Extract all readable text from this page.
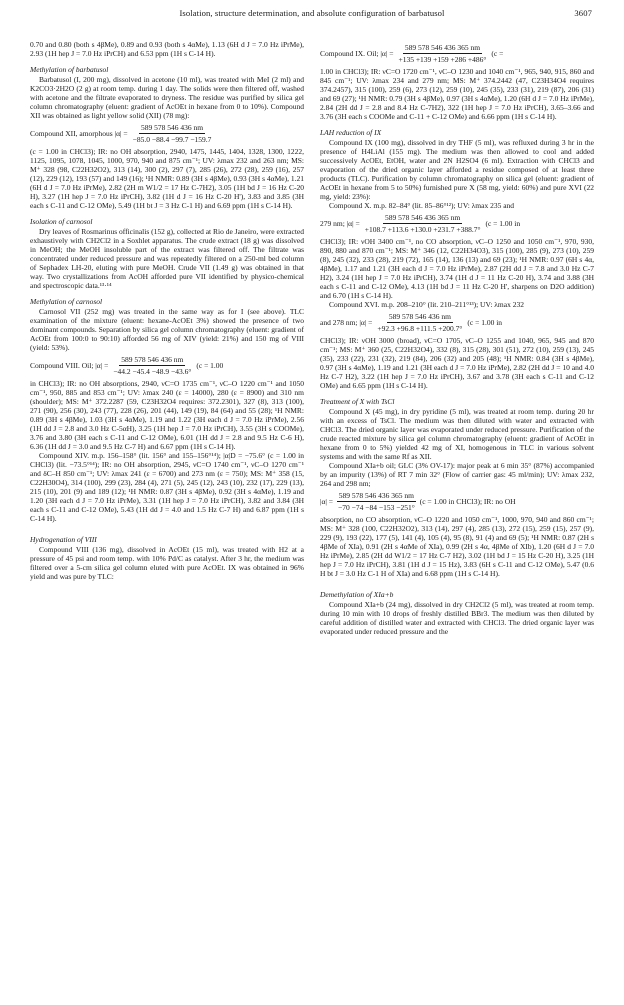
Isolation, structure determination, and absolute configuration of barbatusol	3607

0.70 and 0.80 (both s 4βMe), 0.89 and 0.93 (both s 4αMe), 1.13 (6H d J = 7.0 Hz iPrMe), 2.93 (1H hep J = 7.0 Hz iPrCH) and 6.53 ppm (1H s C-14 H).

Methylation of barbatusol

Barbatusol (I, 200 mg), dissolved in acetone (10 ml), was treated with MeI (2 ml) and K2CO3·2H2O (2 g) at room temp. during 1 day. The solids were then filtered off, washed with acetone and the filtrate evaporated to dryness. The residue was purified by silica gel column chromatography (eluent: gradient of AcOEt in hexane from 0 to 10%). Compound XII was obtained as light yellow solid (XII) (78 mg):

Compound XII, amorphous $|\alpha| = \frac{589 578 546 436 nm}{-85.0 -88.4 -99.7 -159.7}$

(c = 1.00 in CHCl3); IR: no OH absorption, 2940, 1475, 1445, 1404, 1328, 1300, 1222, 1125, 1095, 1078, 1045, 1000, 970, 940 and 875 cm⁻¹; UV: λmax 232 and 263 nm; MS: M⁺ 328 (98, C22H32O2), 313 (14), 300 (2), 297 (7), 285 (26), 272 (28), 259 (16), 257 (12), 229 (12), 193 (57) and 149 (16); ¹H NMR: 0.89 (3H s 4βMe), 0.93 (3H s 4αMe), 1.21 (6H d J = 7.0 Hz iPrMe), 2.82 (2H m W1/2 = 17 Hz C-7H2), 3.05 (1H bd J = 16 Hz C-20 H), 3.27 (1H hep J = 7.0 Hz iPrCH), 3.82 (1H d J = 16 Hz C-20 H'), 3.83 and 3.85 (3H each s C-11 and C-12 OMe), 5.49 (1H bt J = 3 Hz C-1 H) and 6.69 ppm (1H s C-14 H).

Isolation of carnosol

Dry leaves of Rosmarinus officinalis (152 g), collected at Rio de Janeiro, were extracted exhaustively with CH2Cl2 in a Soxhlet apparatus. The crude extract (18 g) was dissolved in MeOH; the MeOH insoluble part of the extract was filtered off. The filtrate was concentrated under reduced pressure and was repeatedly filtered on a 250-ml bed column of Sephadex LH-20, eluting with pure MeOH. Crude VII (1.49 g) was obtained in that way. Two crystallizations from AcOH afforded pure VII identified by physico-chemical and spectroscopic data.¹³·¹⁴

Methylation of carnosol

Carnosol VII (252 mg) was treated in the same way as for I (see above). TLC examination of the mixture (eluent: hexane-AcOEt 3%) showed the presence of two dominant compounds. Separation by silica gel column chromatography (eluent: gradient of AcOEt from 100:0 to 90:10) afforded 56 mg of XIV (yield: 21%) and 150 mg of VIII (yield: 53%).

Compound VIII. Oil; $|\alpha| = \frac{589 578 546 436 nm}{-44.2 -45.4 -48.9 -43.6^\circ} (c = 1.00$

in CHCl3); IR: no OH absorptions, 2940, νC=O 1735 cm⁻¹, νC–O 1220 cm⁻¹ and 1050 cm⁻¹, 950, 885 and 853 cm⁻¹; UV: λmax 240 (ε = 14000), 280 (ε = 8900) and 310 nm (shoulder); MS: M⁺ 372.2287 (59, C23H32O4 requires: 372.2301), 327 (8), 313 (100), 271 (90), 256 (30), 243 (77), 228 (26), 201 (44), 149 (19), 84 (64) and 55 (28); ¹H NMR: 0.89 (3H s 4βMe), 1.03 (3H s 4αMe), 1.19 and 1.22 (3H each d J = 7.0 Hz iPrMe), 2.56 (1H dd J = 2.8 and 3.0 Hz C-5αH), 3.25 (1H hep J = 7.0 Hz iPrCH), 3.55 (3H s COOMe), 3.76 and 3.80 (3H each s C-11 and C-12 OMe), 6.01 (1H dd J = 2.8 and 9.5 Hz C-6 H), 6.36 (1H dd J = 3.0 and 9.5 Hz C-7 H) and 6.67 ppm (1H s C-14 H).

Compound XIV. m.p. 156–158° (lit. 156° and 155–156°¹⁴); |α|D = −75.6° (c = 1.00 in CHCl3) (lit. −73.5°¹⁴); IR: no OH absorption, 2945, νC=O 1740 cm⁻¹, νC–O 1270 cm⁻¹ and δC–H 850 cm⁻¹; UV: λmax 241 (ε = 6700) and 273 nm (ε = 750); MS: M⁺ 358 (15, C22H30O4), 314 (100), 299 (23), 284 (4), 271 (5), 245 (12), 243 (10), 232 (17), 229 (13), 215 (10), 201 (9) and 189 (12); ¹H NMR: 0.87 (3H s 4βMe), 0.92 (3H s 4αMe), 1.19 and 1.20 (3H each d J = 7.0 Hz iPrMe), 3.31 (1H hep J = 7.0 Hz iPrCH), 3.82 and 3.84 (3H each s C-11 and C-12 OMe), 5.43 (1H dd J = 4.0 and 1.5 Hz C-7 H) and 6.87 ppm (1H s C-14 H).

Hydrogenation of VIII

Compound VIII (136 mg), dissolved in AcOEt (15 ml), was treated with H2 at a pressure of 45 psi and room temp. with 10% Pd/C as catalyst. After 3 hr, the medium was filtered over a 5-cm silica gel column eluted with pure AcOEt. IX was obtained in 96% yield and was pure by TLC:

Compound IX. Oil; $|\alpha| = \frac{589 578 546 436 365 nm}{+135 +139 +159 +286 +486^\circ} (c$ =

1.00 in CHCl3); IR: νC=O 1720 cm⁻¹, νC–O 1230 and 1040 cm⁻¹, 965, 940, 915, 860 and 845 cm⁻¹; UV: λmax 234 and 279 nm; MS: M⁺ 374.2442 (47, C23H34O4 requires 374.2457), 315 (100), 259 (6), 273 (12), 259 (10), 245 (35), 233 (31), 219 (87), 206 (31) and 69 (27); ¹H NMR: 0.79 (3H s 4βMe), 0.97 (3H s 4αMe), 1.20 (6H d J = 7.0 Hz iPrMe), 2.84 (2H dd J = 2.8 and 8.4 Hz C-7H2), 322 (1H hep J = 7.0 Hz iPrCH), 3.65–3.66 and 3.76 (3H each s COOMe and C-11 + C-12 OMe) and 6.66 ppm (1H s C-14 H).

LAH reduction of IX

Compound IX (100 mg), dissolved in dry THF (5 ml), was refluxed during 3 hr in the presence of H4LiAl (155 mg). The medium was then allowed to cool and added successively AcOEt, EtOH, water and 2N H2SO4 (6 ml). Extraction with CHCl3 and evaporation of the dried organic layer afforded a residue composed of at least three products (TLC). Purification by column chromatography on silica gel (eluent: gradient of AcOEt in hexane from 5 to 50%) furnished pure X (58 mg, yield: 60%) and pure XVI (22 mg, yield: 23%):

Compound X. m.p. 82–84° (lit. 85–86°¹²); UV: λmax 235 and

279 nm; $|\alpha| = \frac{589 578 546 436 365 nm}{+108.7 +113.6 +130.0 +231.7 +388.7^\circ} (c = 1.00$ in

CHCl3); IR: νOH 3400 cm⁻¹, no CO absorption, νC–O 1250 and 1050 cm⁻¹, 970, 930, 890, 880 and 870 cm⁻¹; MS: M⁺ 346 (12, C22H34O3), 315 (100), 285 (9), 273 (10), 259 (8), 245 (32), 233 (28), 219 (72), 165 (14), 136 (13) and 69 (23); ¹H NMR: 0.97 (6H s 4α, 4βMe), 1.17 and 1.21 (3H each d J = 7.0 Hz iPrMe), 2.87 (2H dd J = 7.8 and 3.0 Hz C-7 H2), 3.24 (1H hep J = 7.0 Hz iPrCH), 3.74 (1H d J = 11 Hz C-20 H), 3.74 and 3.88 (3H each s C-11 and C-12 OMe), 4.13 (1H bd J = 11 Hz C-20 H', sharpens on D2O addition) and 6.70 (1H s C-14 H).

Compound XVI. m.p. 208–210° (lit. 210–211°¹³); UV: λmax 232

and 278 nm; $|\alpha| = \frac{589 578 546 436 nm}{+92.3 +96.8 +111.5 +200.7^\circ} (c = 1.00$ in

CHCl3); IR: νOH 3000 (broad), νC=O 1705, νC–O 1255 and 1040, 965, 945 and 870 cm⁻¹; MS: M⁺ 360 (25, C22H32O4), 332 (8), 315 (28), 301 (51), 272 (10), 259 (13), 245 (35), 233 (22), 231 (32), 219 (84), 206 (32) and 205 (48); ¹H NMR: 0.84 (3H s 4βMe), 0.97 (3H s 4αMe), 1.19 and 1.21 (3H each d J = 7.0 Hz iPrMe), 2.82 (2H dd J = 10 and 4.0 Hz C-7 H2), 3.22 (1H hep J = 7.0 Hz iPrCH), 3.67 and 3.78 (3H each s C-11 and C-12 OMe) and 6.65 ppm (1H s C-14 H).

Treatment of X with TsCl

Compound X (45 mg), in dry pyridine (5 ml), was treated at room temp. during 20 hr with an excess of TsCl. The medium was then diluted with water and extracted with CHCl3. The dried organic layer was evaporated under reduced pressure. Purification of the crude reacted mixture by silica gel column chromatography (eluent: gradient of AcOEt in hexane from 0 to 5%) yielded 42 mg of XI, homogenous in TLC in various solvent systems and with the same Rf as XII.

Compound XIa+b oil; GLC (3% OV-17): major peak at 6 min 35° (87%) accompanied by an impurity (13%) of RT 7 min 32° (Flow of carrier gas: 45 ml/min); UV: λmax 232, 264 and 298 nm;

$|\alpha| = \frac{589 578 546 436 365 nm}{-70 -74 -84 -153 -251^\circ} (c = 1.00$ in CHCl3); IR: no OH

absorption, no CO absorption, νC–O 1220 and 1050 cm⁻¹, 1000, 970, 940 and 860 cm⁻¹; MS: M⁺ 328 (100, C22H32O2), 313 (14), 297 (4), 285 (13), 272 (15), 259 (15), 257 (9), 229 (9), 193 (22), 177 (5), 141 (4), 105 (4), 95 (8), 91 (4) and 69 (5); ¹H NMR: 0.87 (2H s 4βMe of XIa), 0.91 (2H s 4αMe of XIa), 0.99 (2H s 4α, 4βMe of XIb), 1.20 (6H d J = 7.0 Hz iPrMe), 2.85 (2H dd W1/2 = 17 Hz C-7 H2), 3.02 (1H bd J = 15 Hz C-20 H), 3.25 (1H hep J = 7.0 Hz iPrCH), 3.81 (1H d J = 15 Hz), 3.83 (6H s C-11 and C-12 OMe), 5.47 (0.6 H bt J = 3.0 Hz C-1 H of XIa) and 6.68 ppm (1H s C-14 H).

Demethylation of XIa+b

Compound XIa+b (24 mg), dissolved in dry CH2Cl2 (5 ml), was treated at room temp. during 10 min with 10 drops of freshly distilled BBr3. The medium was then diluted by careful addition of distilled water and extracted with CHCl3. The dried organic layer was evaporated under reduced pressure and the
